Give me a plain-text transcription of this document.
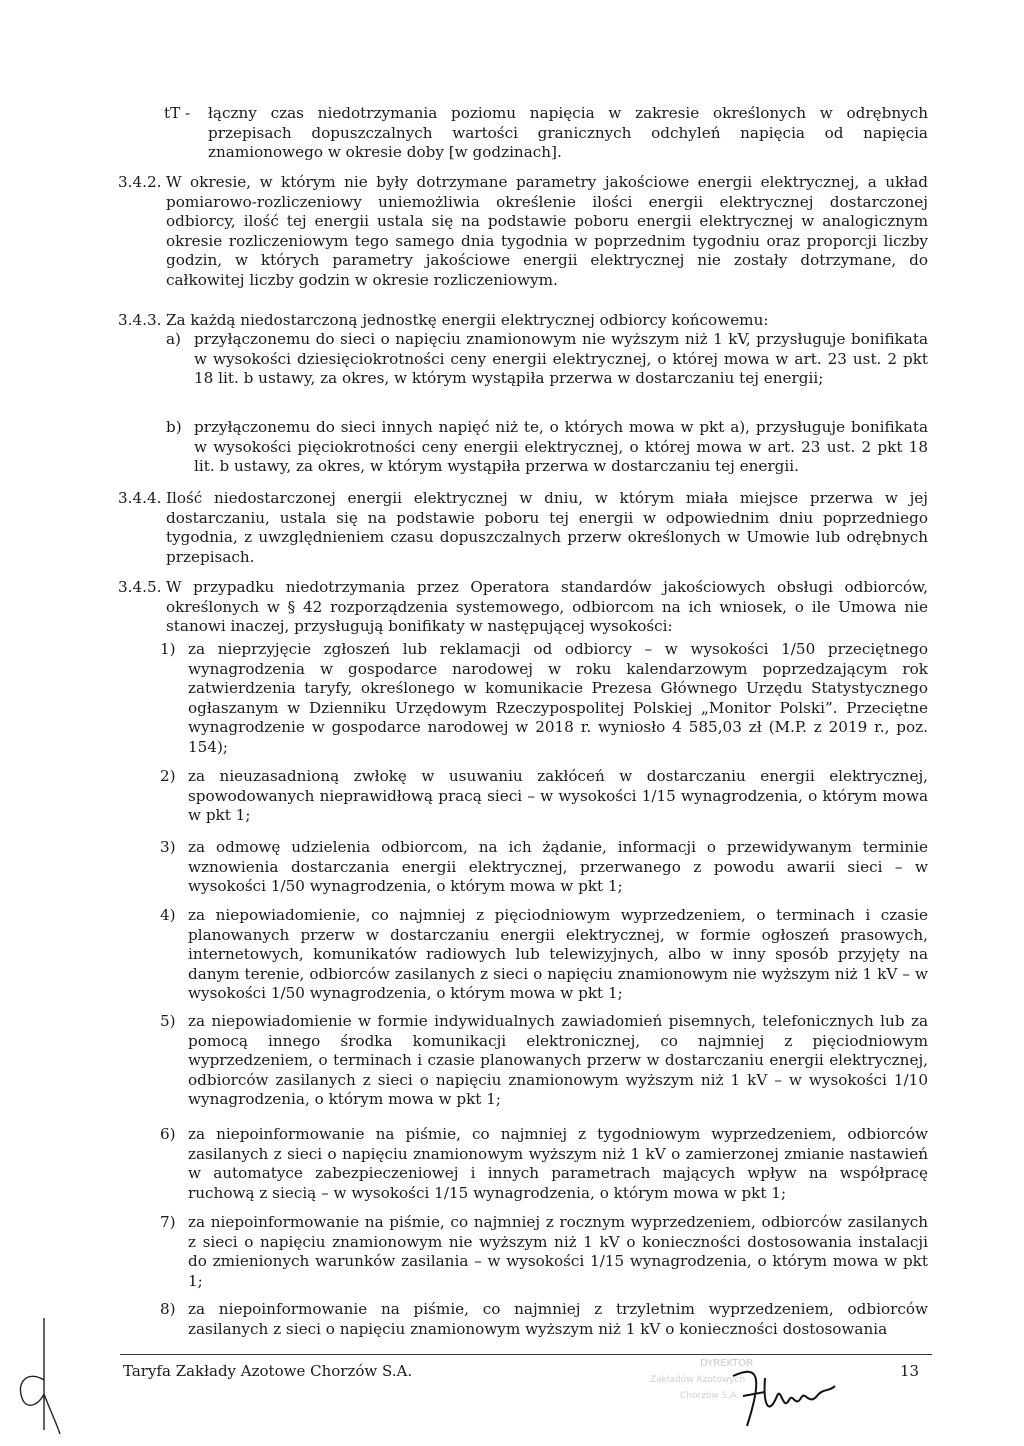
tT - łączny czas niedotrzymania poziomu napięcia w zakresie określonych w odrębnych przepisach dopuszczalnych wartości granicznych odchyleń napięcia od napięcia znamionowego w okresie doby [w godzinach].

3.4.2. W okresie, w którym nie były dotrzymane parametry jakościowe energii elektrycznej, a układ pomiarowo-rozliczeniowy uniemożliwia określenie ilości energii elektrycznej dostarczonej odbiorcy, ilość tej energii ustala się na podstawie poboru energii elektrycznej w analogicznym okresie rozliczeniowym tego samego dnia tygodnia w poprzednim tygodniu oraz proporcji liczby godzin, w których parametry jakościowe energii elektrycznej nie zostały dotrzymane, do całkowitej liczby godzin w okresie rozliczeniowym.

3.4.3. Za każdą niedostarczoną jednostkę energii elektrycznej odbiorcy końcowemu:

a) przyłączonemu do sieci o napięciu znamionowym nie wyższym niż 1 kV, przysługuje bonifikata w wysokości dziesięciokrotności ceny energii elektrycznej, o której mowa w art. 23 ust. 2 pkt 18 lit. b ustawy, za okres, w którym wystąpiła przerwa w dostarczaniu tej energii;

b) przyłączonemu do sieci innych napięć niż te, o których mowa w pkt a), przysługuje bonifikata w wysokości pięciokrotności ceny energii elektrycznej, o której mowa w art. 23 ust. 2 pkt 18 lit. b ustawy, za okres, w którym wystąpiła przerwa w dostarczaniu tej energii.

3.4.4. Ilość niedostarczonej energii elektrycznej w dniu, w którym miała miejsce przerwa w jej dostarczaniu, ustala się na podstawie poboru tej energii w odpowiednim dniu poprzedniego tygodnia, z uwzględnieniem czasu dopuszczalnych przerw określonych w Umowie lub odrębnych przepisach.

3.4.5. W przypadku niedotrzymania przez Operatora standardów jakościowych obsługi odbiorców, określonych w § 42 rozporządzenia systemowego, odbiorcom na ich wniosek, o ile Umowa nie stanowi inaczej, przysługują bonifikaty w następującej wysokości:

1) za nieprzyjęcie zgłoszeń lub reklamacji od odbiorcy – w wysokości 1/50 przeciętnego wynagrodzenia w gospodarce narodowej w roku kalendarzowym poprzedzającym rok zatwierdzenia taryfy, określonego w komunikacie Prezesa Głównego Urzędu Statystycznego ogłaszanym w Dzienniku Urzędowym Rzeczypospolitej Polskiej „Monitor Polski”. Przeciętne wynagrodzenie w gospodarce narodowej w 2018 r. wyniosło 4 585,03 zł (M.P. z 2019 r., poz. 154);

2) za nieuzasadnioną zwłokę w usuwaniu zakłóceń w dostarczaniu energii elektrycznej, spowodowanych nieprawidłową pracą sieci – w wysokości 1/15 wynagrodzenia, o którym mowa w pkt 1;

3) za odmowę udzielenia odbiorcom, na ich żądanie, informacji o przewidywanym terminie wznowienia dostarczania energii elektrycznej, przerwanego z powodu awarii sieci – w wysokości 1/50 wynagrodzenia, o którym mowa w pkt 1;

4) za niepowiadomienie, co najmniej z pięciodniowym wyprzedzeniem, o terminach i czasie planowanych przerw w dostarczaniu energii elektrycznej, w formie ogłoszeń prasowych, internetowych, komunikatów radiowych lub telewizyjnych, albo w inny sposób przyjęty na danym terenie, odbiorców zasilanych z sieci o napięciu znamionowym nie wyższym niż 1 kV – w wysokości 1/50 wynagrodzenia, o którym mowa w pkt 1;

5) za niepowiadomienie w formie indywidualnych zawiadomień pisemnych, telefonicznych lub za pomocą innego środka komunikacji elektronicznej, co najmniej z pięciodniowym wyprzedzeniem, o terminach i czasie planowanych przerw w dostarczaniu energii elektrycznej, odbiorców zasilanych z sieci o napięciu znamionowym wyższym niż 1 kV – w wysokości 1/10 wynagrodzenia, o którym mowa w pkt 1;

6) za niepoinformowanie na piśmie, co najmniej z tygodniowym wyprzedzeniem, odbiorców zasilanych z sieci o napięciu znamionowym wyższym niż 1 kV o zamierzonej zmianie nastawień w automatyce zabezpieczeniowej i innych parametrach mających wpływ na współpracę ruchową z siecią – w wysokości 1/15 wynagrodzenia, o którym mowa w pkt 1;

7) za niepoinformowanie na piśmie, co najmniej z rocznym wyprzedzeniem, odbiorców zasilanych z sieci o napięciu znamionowym nie wyższym niż 1 kV o konieczności dostosowania instalacji do zmienionych warunków zasilania – w wysokości 1/15 wynagrodzenia, o którym mowa w pkt 1;

8) za niepoinformowanie na piśmie, co najmniej z trzyletnim wyprzedzeniem, odbiorców zasilanych z sieci o napięciu znamionowym wyższym niż 1 kV o konieczności dostosowania

Taryfa Zakłady Azotowe Chorzów S.A.	13
DYREKTOR
Zakładów Azotowych
Chorzów S.A.
